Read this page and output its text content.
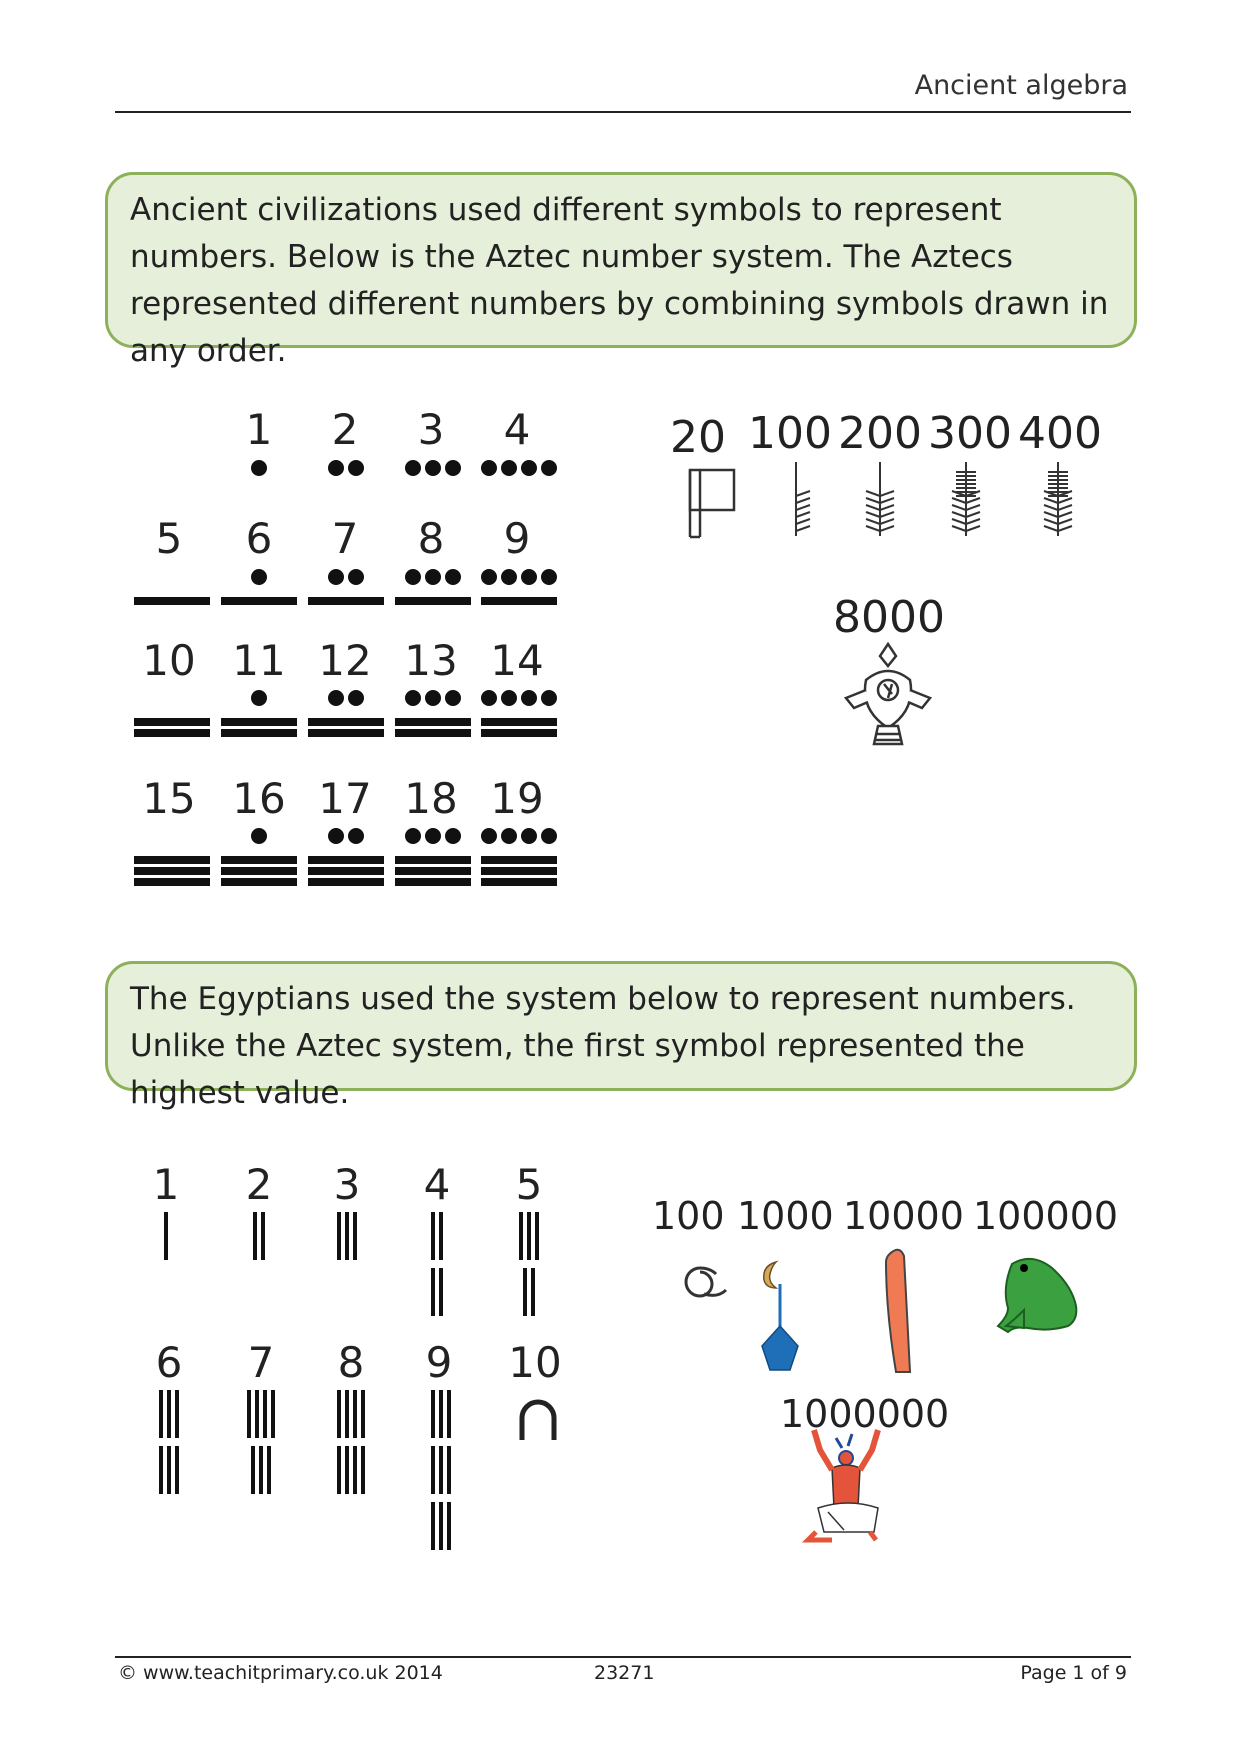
Ancient algebra
Ancient civilizations used different symbols to represent numbers. Below is the Aztec number system. The Aztecs represented different numbers by combining symbols drawn in any order.
1	2	3	4
5	6	7	8	9
10 11 12 13 14
15 16 17 18 19
20 100 200 300 400
8000
The Egyptians used the system below to represent numbers. Unlike the Aztec system, the first symbol represented the highest value.
1	2	3	4	5
6	7	8	9	10
100 1000 10000 100000
1000000
© www.teachitprimary.co.uk 2014	23271	Page 1 of 9
